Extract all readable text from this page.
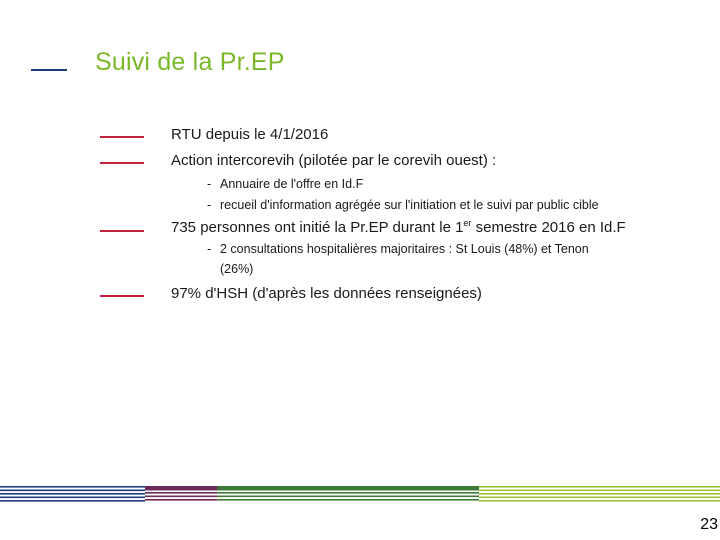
Suivi de la Pr.EP
RTU depuis le 4/1/2016
Action intercorevih (pilotée par le corevih ouest) :
- Annuaire de l'offre en Id.F
- recueil d'information agrégée sur l'initiation et le suivi par public cible
735 personnes ont initié la Pr.EP durant le 1er semestre 2016 en Id.F
- 2 consultations hospitalières majoritaires : St Louis (48%) et Tenon
(26%)
97% d'HSH (d'après les données renseignées)
23
